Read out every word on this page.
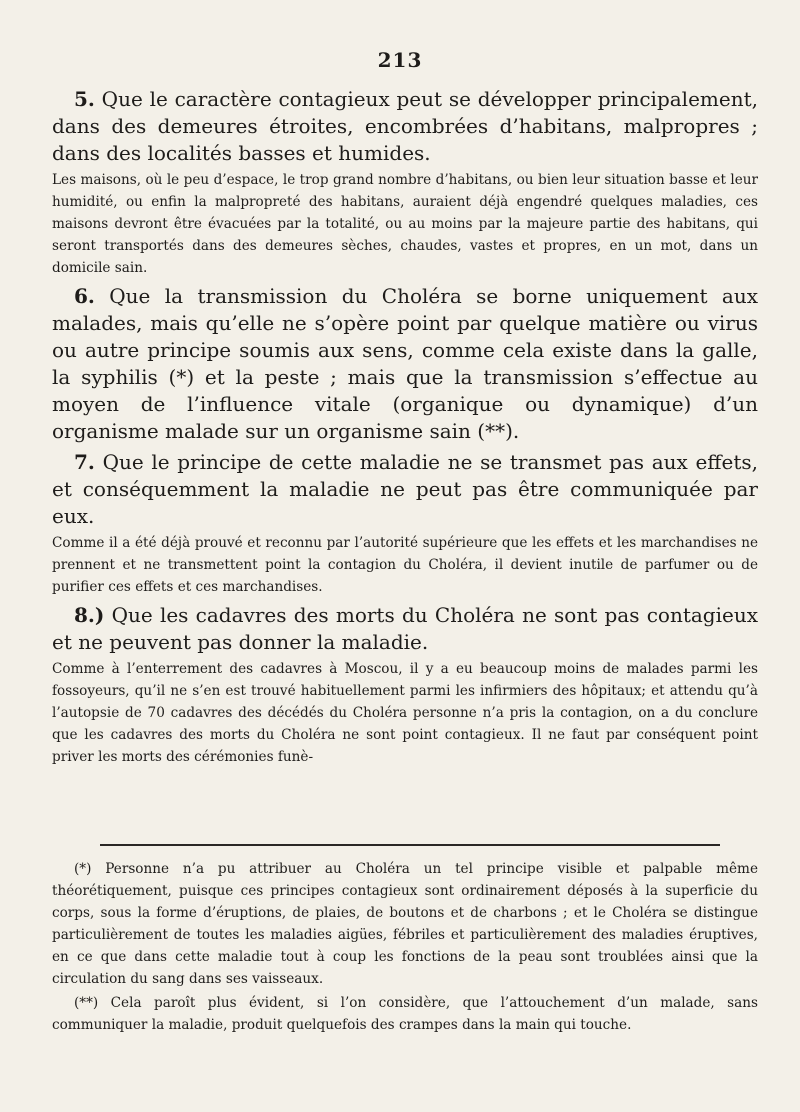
213

5. Que le caractère contagieux peut se développer principalement, dans des demeures étroites, encombrées d’habitans, malpropres ; dans des localités basses et humides.

Les maisons, où le peu d’espace, le trop grand nombre d’habitans, ou bien leur situation basse et leur humidité, ou enfin la malpropreté des habitans, auraient déjà engendré quelques maladies, ces maisons devront être évacuées par la totalité, ou au moins par la majeure partie des habitans, qui seront transportés dans des demeures sèches, chaudes, vastes et propres, en un mot, dans un domicile sain.

6. Que la transmission du Choléra se borne uniquement aux malades, mais qu’elle ne s’opère point par quelque matière ou virus ou autre principe soumis aux sens, comme cela existe dans la galle, la syphilis (*) et la peste ; mais que la transmission s’effectue au moyen de l’influence vitale (organique ou dynamique) d’un organisme malade sur un organisme sain (**).

7. Que le principe de cette maladie ne se transmet pas aux effets, et conséquemment la maladie ne peut pas être communiquée par eux.

Comme il a été déjà prouvé et reconnu par l’autorité supérieure que les effets et les marchandises ne prennent et ne transmettent point la contagion du Choléra, il devient inutile de parfumer ou de purifier ces effets et ces marchandises.

8.) Que les cadavres des morts du Choléra ne sont pas contagieux et ne peuvent pas donner la maladie.

Comme à l’enterrement des cadavres à Moscou, il y a eu beaucoup moins de malades parmi les fossoyeurs, qu’il ne s’en est trouvé habituellement parmi les infirmiers des hôpitaux; et attendu qu’à l’autopsie de 70 cadavres des décédés du Choléra personne n’a pris la contagion, on a du conclure que les cadavres des morts du Choléra ne sont point contagieux. Il ne faut par conséquent point priver les morts des cérémonies funè-

(*) Personne n’a pu attribuer au Choléra un tel principe visible et palpable même théorétiquement, puisque ces principes contagieux sont ordinairement déposés à la superficie du corps, sous la forme d’éruptions, de plaies, de boutons et de charbons ; et le Choléra se distingue particulièrement de toutes les maladies aigües, fébriles et particulièrement des maladies éruptives, en ce que dans cette maladie tout à coup les fonctions de la peau sont troublées ainsi que la circulation du sang dans ses vaisseaux.

(**) Cela paroît plus évident, si l’on considère, que l’attouchement d’un malade, sans communiquer la maladie, produit quelquefois des crampes dans la main qui touche.
